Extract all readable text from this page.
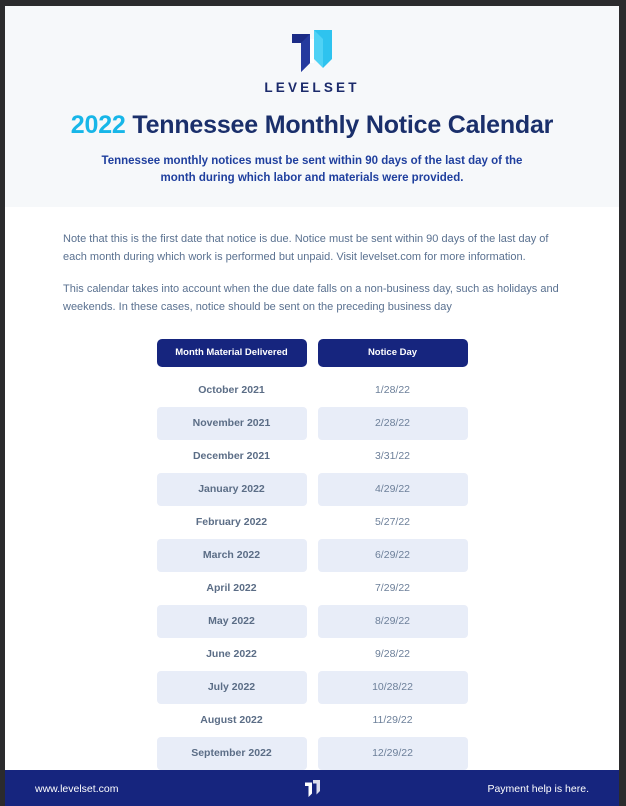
LEVELSET
2022 Tennessee Monthly Notice Calendar
Tennessee monthly notices must be sent within 90 days of the last day of the month during which labor and materials were provided.

Note that this is the first date that notice is due. Notice must be sent within 90 days of the last day of each month during which work is performed but unpaid. Visit levelset.com for more information.

This calendar takes into account when the due date falls on a non-business day, such as holidays and weekends. In these cases, notice should be sent on the preceding business day

Month Material Delivered		Notice Day

October 2021		1/28/22
November 2021		2/28/22
December 2021		3/31/22
January 2022		4/29/22
February 2022		5/27/22
March 2022		6/29/22
April 2022		7/29/22
May 2022		8/29/22
June 2022		9/28/22
July 2022		10/28/22
August 2022		11/29/22
September 2022		12/29/22
www.levelset.com	Payment help is here.
